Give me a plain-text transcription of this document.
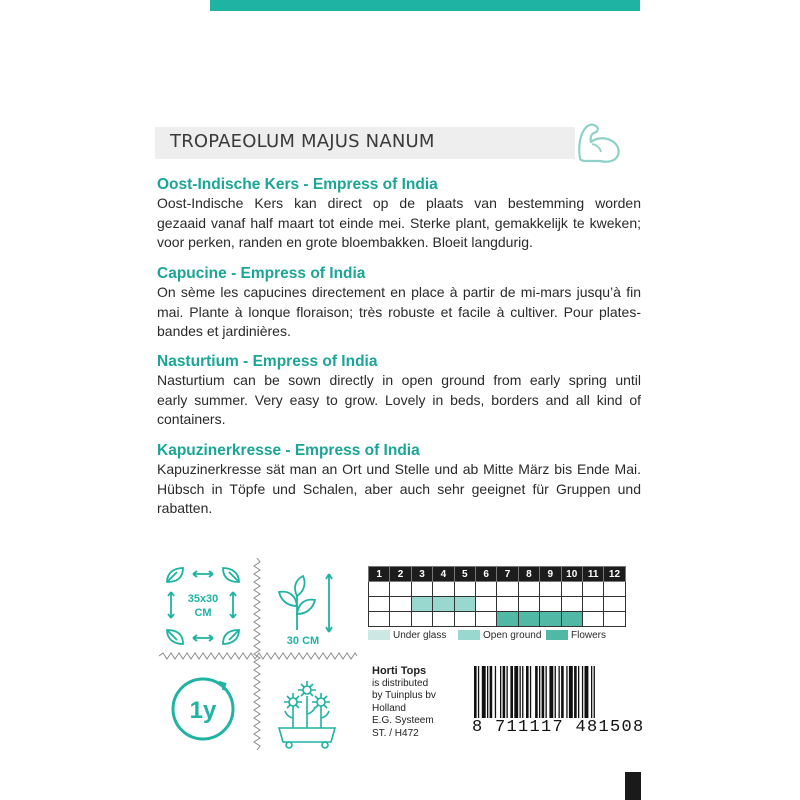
TROPAEOLUM MAJUS NANUM
Oost-Indische Kers - Empress of India
Oost-Indische Kers kan direct op de plaats van bestemming worden
gezaaid vanaf half maart tot einde mei. Sterke plant, gemakkelijk te kweken;
voor perken, randen en grote bloembakken. Bloeit langdurig.
Capucine - Empress of India
On sème les capucines directement en place à partir de mi-mars jusqu’à fin
mai. Plante à lonque floraison; très robuste et facile à cultiver. Pour plates-
bandes et jardinières.
Nasturtium - Empress of India
Nasturtium can be sown directly in open ground from early spring until
early summer. Very easy to grow. Lovely in beds, borders and all kind of
containers.
Kapuzinerkresse - Empress of India
Kapuzinerkresse sät man an Ort und Stelle und ab Mitte März bis Ende Mai.
Hübsch in Töpfe und Schalen, aber auch sehr geeignet für Gruppen und
rabatten.
35x30
CM
30 CM
1y
1	2	3	4	5	6	7	8	9	10	11	12

Under glass	Open ground	Flowers
Horti Tops
is distributed
by Tuinplus bv
Holland
E.G. Systeem
ST. / H472	8 711117 481508
